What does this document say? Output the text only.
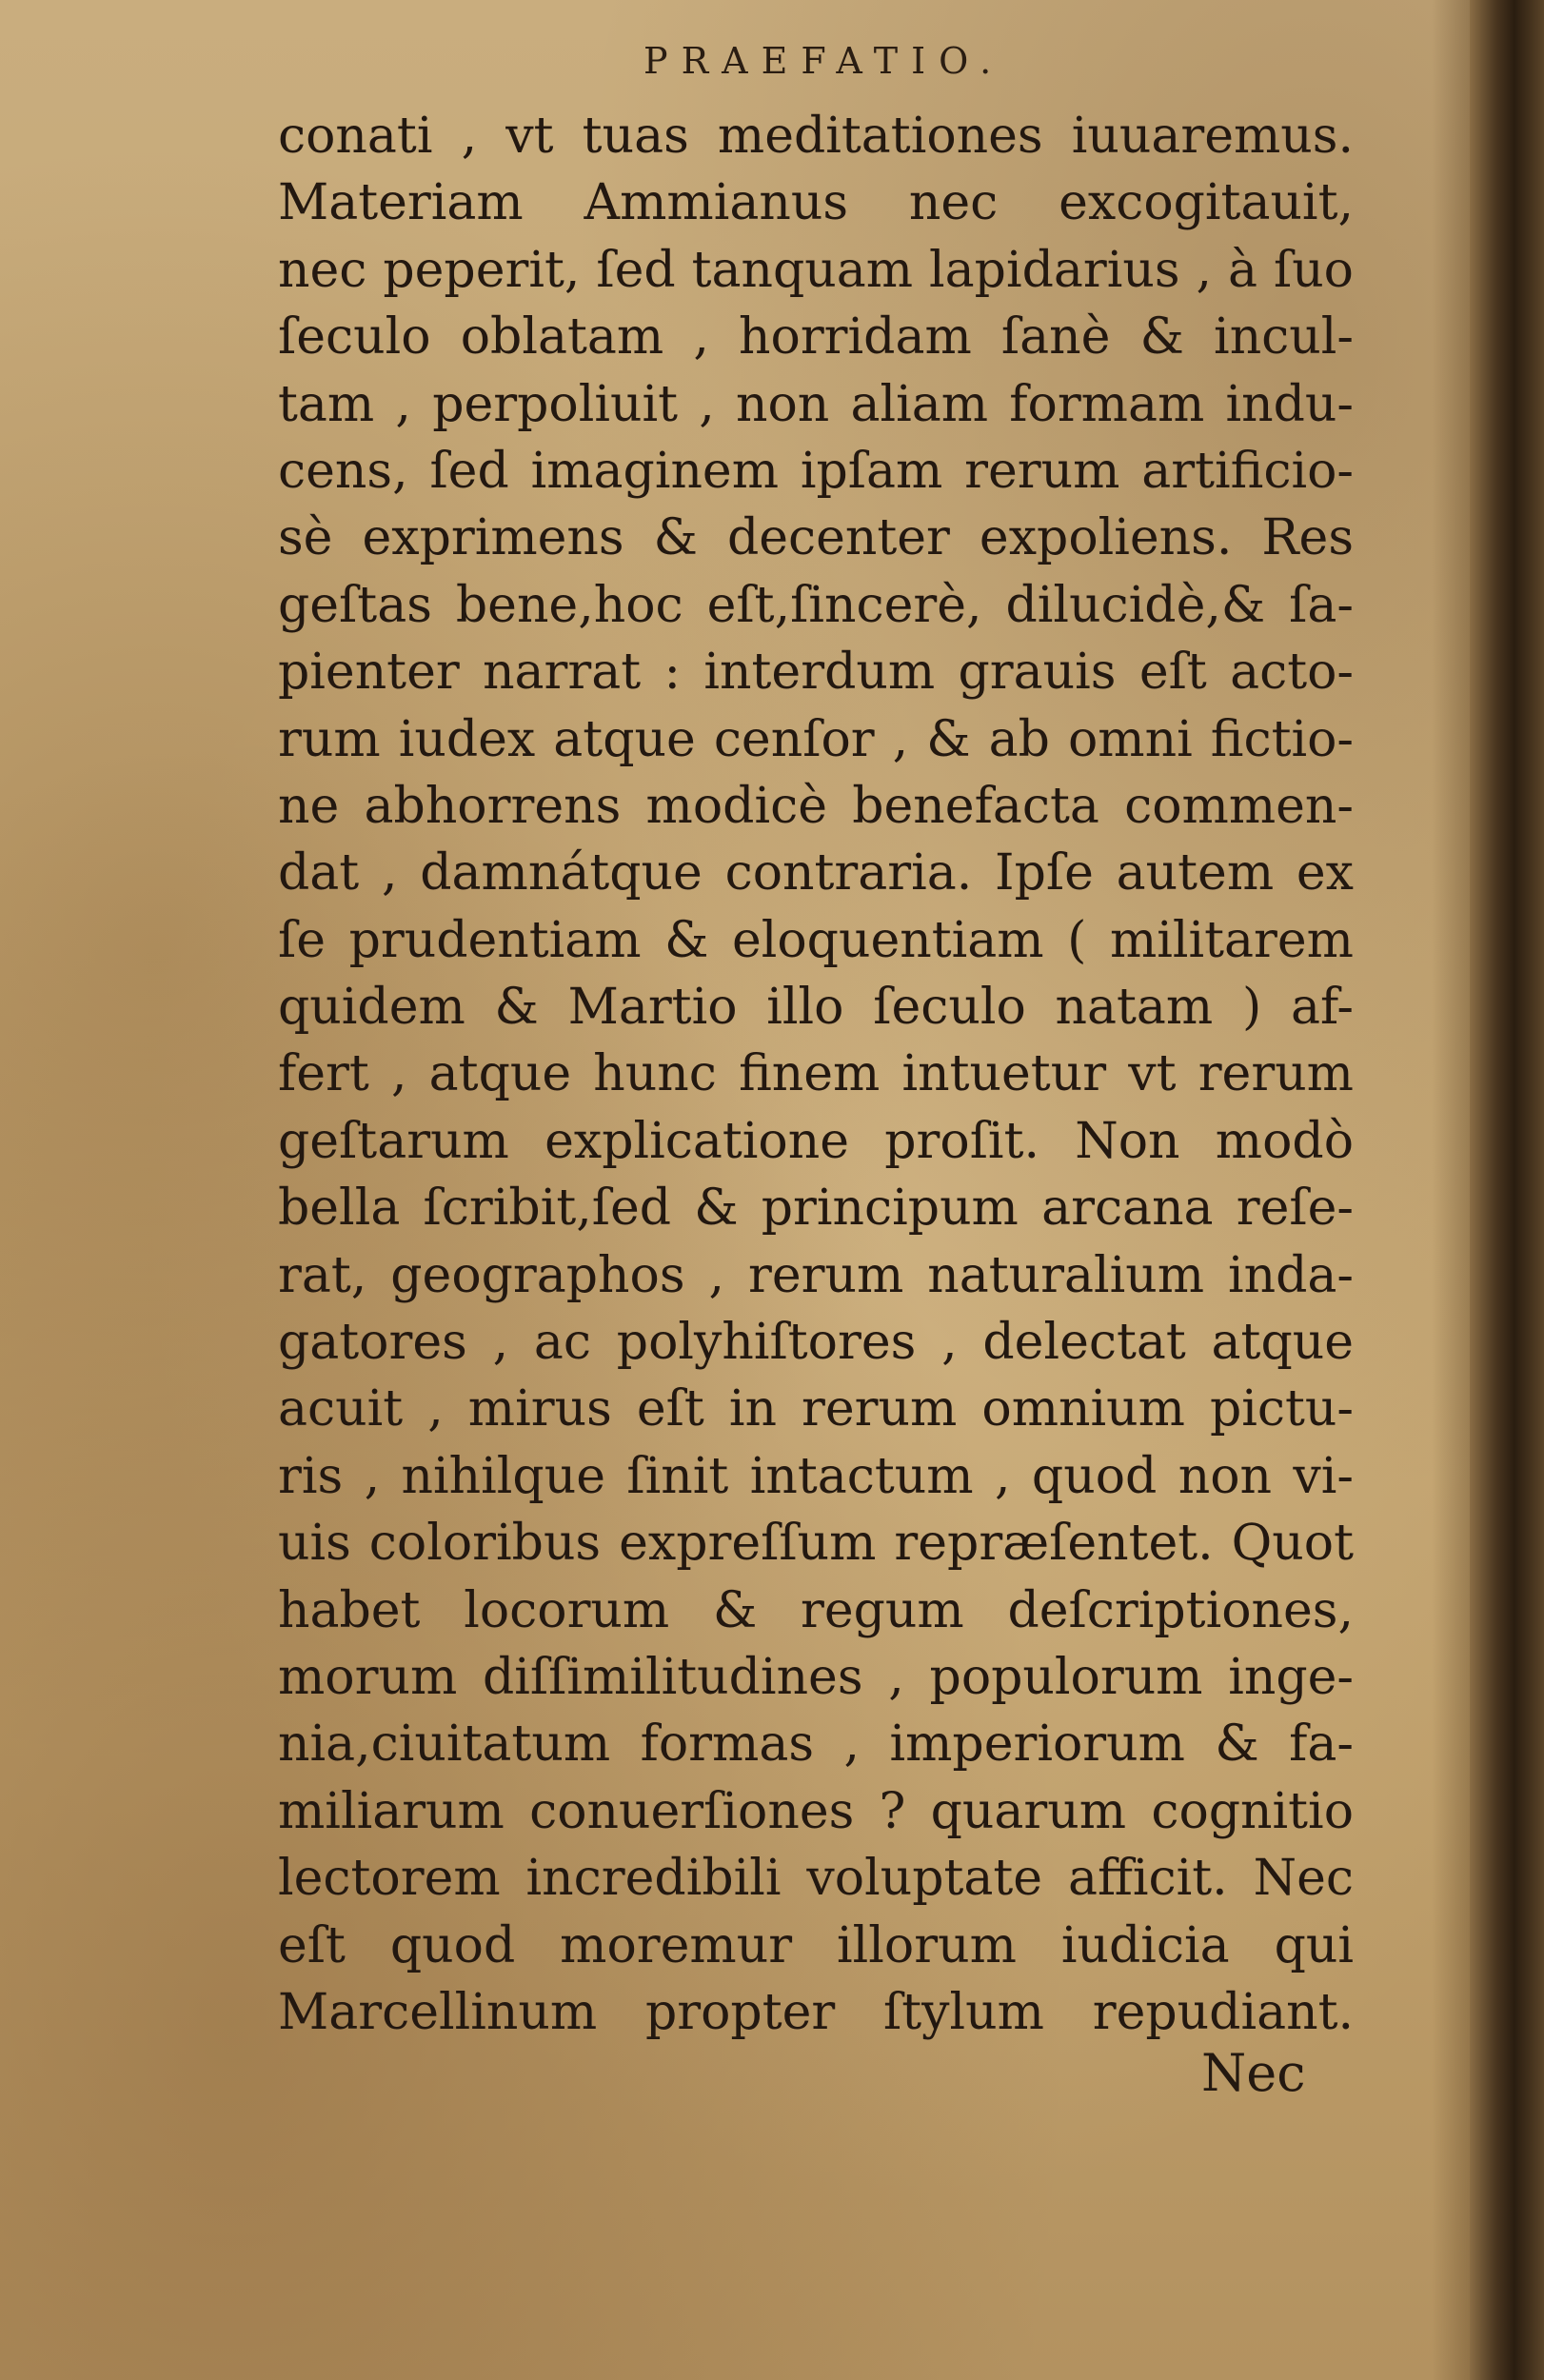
PRAEFATIO.
conati , vt tuas meditationes iuuaremus.
Materiam Ammianus nec excogitauit,
nec peperit, ſed tanquam lapidarius , à ſuo
ſeculo oblatam , horridam ſanè & incul-
tam , perpoliuit , non aliam formam indu-
cens, ſed imaginem ipſam rerum artificio-
sè exprimens & decenter expoliens. Res
geſtas bene,hoc eſt,ſincerè, dilucidè,& ſa-
pienter narrat : interdum grauis eſt acto-
rum iudex atque cenſor , & ab omni fictio-
ne abhorrens modicè benefacta commen-
dat , damnátque contraria. Ipſe autem ex
ſe prudentiam & eloquentiam ( militarem
quidem & Martio illo ſeculo natam ) af-
fert , atque hunc finem intuetur vt rerum
geſtarum explicatione proſit. Non modò
bella ſcribit,ſed & principum arcana reſe-
rat, geographos , rerum naturalium inda-
gatores , ac polyhiſtores , delectat atque
acuit , mirus eſt in rerum omnium pictu-
ris , nihilque ſinit intactum , quod non vi-
uis coloribus expreſſum repræſentet. Quot
habet locorum & regum deſcriptiones,
morum diſſimilitudines , populorum inge-
nia,ciuitatum formas , imperiorum & fa-
miliarum conuerſiones ? quarum cognitio
lectorem incredibili voluptate afficit. Nec
eſt quod moremur illorum iudicia qui
Marcellinum propter ſtylum repudiant.
Nec
